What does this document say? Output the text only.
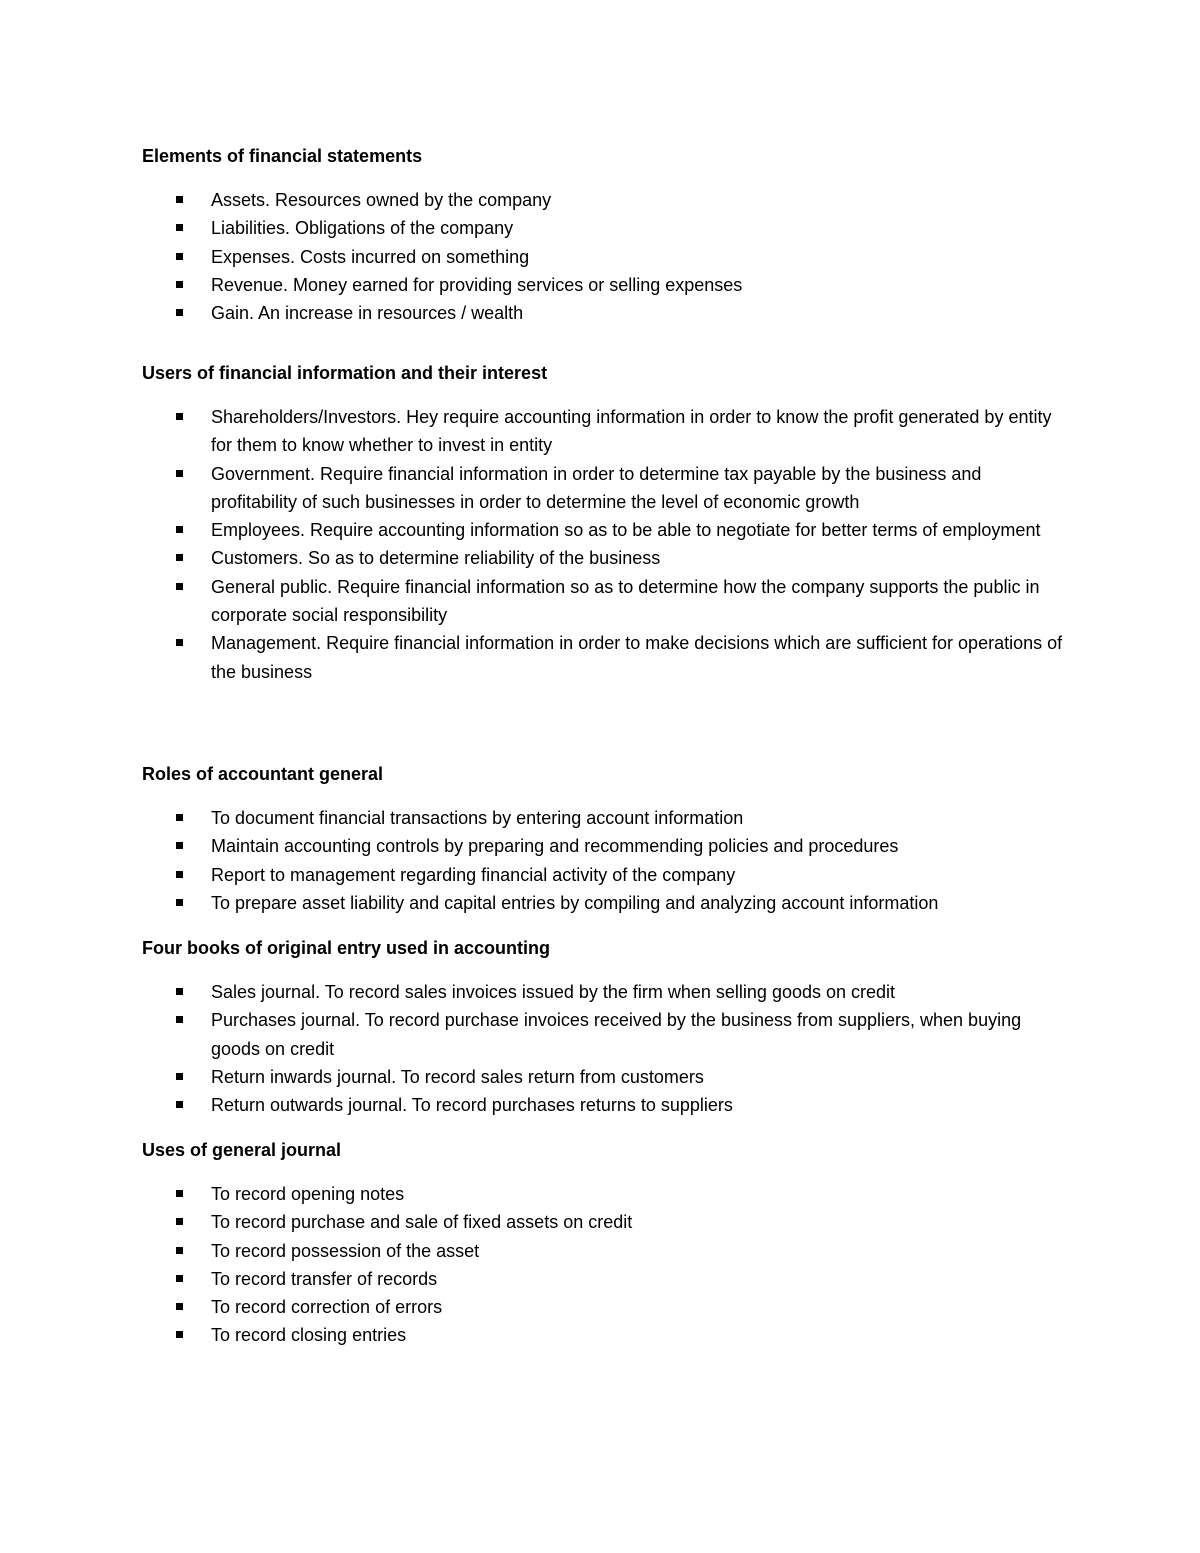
Elements of financial statements

Assets. Resources owned by the company
Liabilities. Obligations of the company
Expenses. Costs incurred on something
Revenue. Money earned for providing services or selling expenses
Gain. An increase in resources / wealth

Users of financial information and their interest

Shareholders/Investors. Hey require accounting information in order to know the profit generated by entity for them to know whether to invest in entity
Government. Require financial information in order to determine tax payable by the business and profitability of such businesses in order to determine the level of economic growth
Employees. Require accounting information so as to be able to negotiate for better terms of employment
Customers. So as to determine reliability of the business
General public. Require financial information so as to determine how the company supports the public in corporate social responsibility
Management. Require financial information in order to make decisions which are sufficient for operations of the business

Roles of accountant general

To document financial transactions by entering account information
Maintain accounting controls by preparing and recommending policies and procedures
Report to management regarding financial activity of the company
To prepare asset liability and capital entries by compiling and analyzing account information

Four books of original entry used in accounting

Sales journal. To record sales invoices issued by the firm when selling goods on credit
Purchases journal. To record purchase invoices received by the business from suppliers, when buying goods on credit
Return inwards journal. To record sales return from customers
Return outwards journal. To record purchases returns to suppliers

Uses of general journal

To record opening notes
To record purchase and sale of fixed assets on credit
To record possession of the asset
To record transfer of records
To record correction of errors
To record closing entries
